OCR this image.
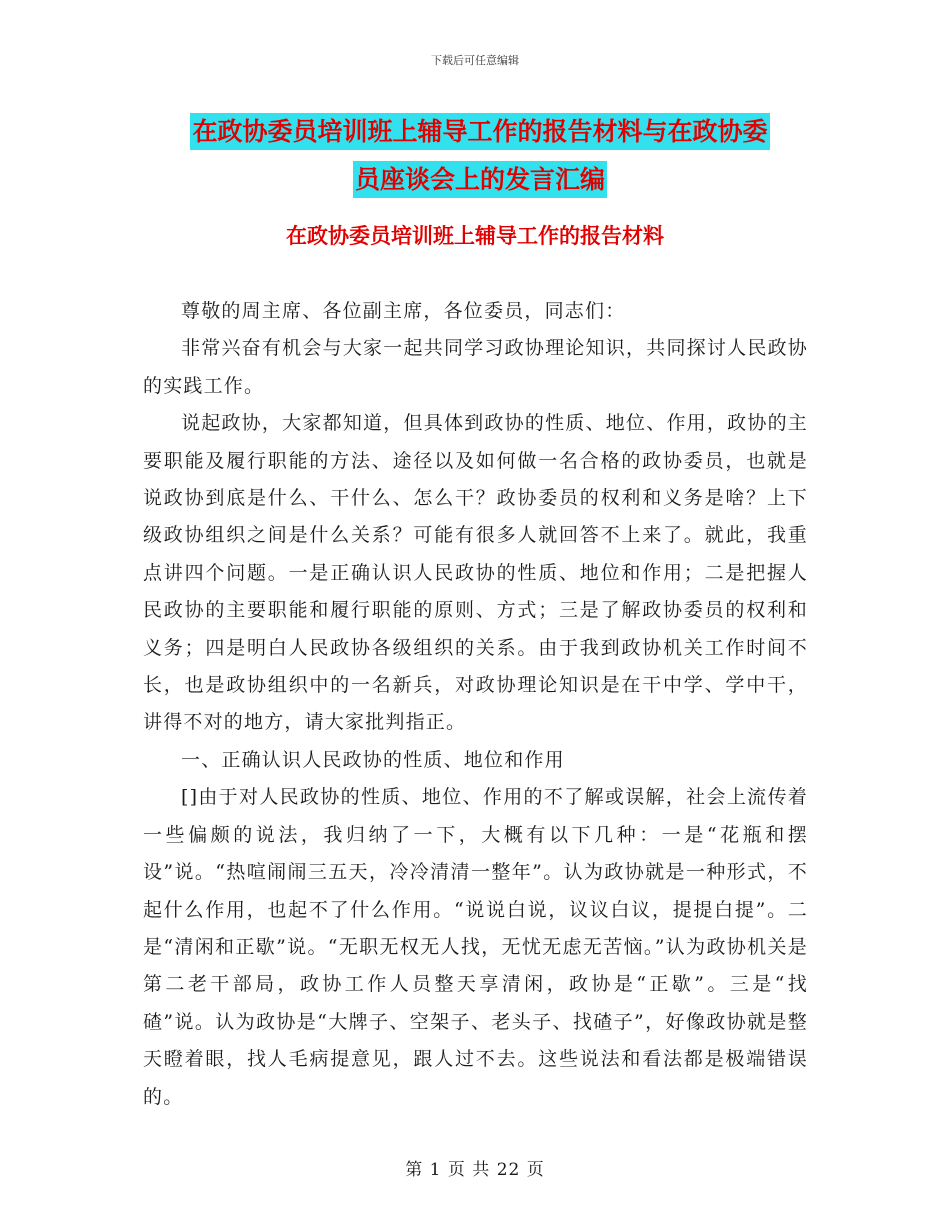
下载后可任意编辑
在政协委员培训班上辅导工作的报告材料与在政协委
员座谈会上的发言汇编
在政协委员培训班上辅导工作的报告材料

尊敬的周主席、各位副主席，各位委员，同志们：

非常兴奋有机会与大家一起共同学习政协理论知识，共同探讨人民政协的实践工作。

说起政协，大家都知道，但具体到政协的性质、地位、作用，政协的主要职能及履行职能的方法、途径以及如何做一名合格的政协委员，也就是说政协到底是什么、干什么、怎么干？政协委员的权利和义务是啥？上下级政协组织之间是什么关系？可能有很多人就回答不上来了。就此，我重点讲四个问题。一是正确认识人民政协的性质、地位和作用；二是把握人民政协的主要职能和履行职能的原则、方式；三是了解政协委员的权利和义务；四是明白人民政协各级组织的关系。由于我到政协机关工作时间不长，也是政协组织中的一名新兵，对政协理论知识是在干中学、学中干，讲得不对的地方，请大家批判指正。

一、正确认识人民政协的性质、地位和作用

[]由于对人民政协的性质、地位、作用的不了解或误解，社会上流传着一些偏颇的说法，我归纳了一下，大概有以下几种：一是“花瓶和摆设”说。“热喧闹闹三五天，冷冷清清一整年”。认为政协就是一种形式，不起什么作用，也起不了什么作用。“说说白说，议议白议，提提白提”。二是“清闲和正歇”说。“无职无权无人找，无忧无虑无苦恼。”认为政协机关是第二老干部局，政协工作人员整天享清闲，政协是“正歇”。三是“找碴”说。认为政协是“大牌子、空架子、老头子、找碴子”，好像政协就是整天瞪着眼，找人毛病提意见，跟人过不去。这些说法和看法都是极端错误的。

第 1 页 共 22 页
